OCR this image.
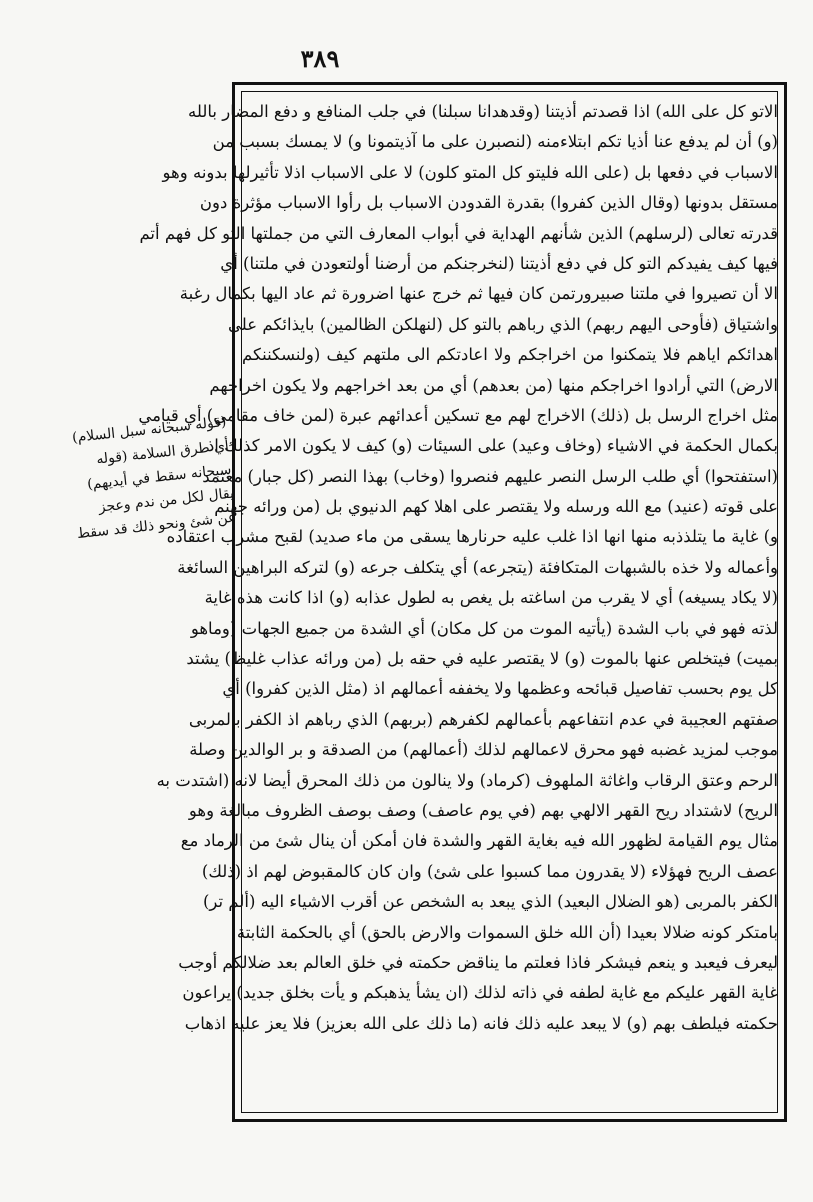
٣٨٩
الاتو كل على الله) اذا قصدتم أذيتنا (وقدهدانا سبلنا) في جلب المنافع و دفع المضار بالله
(و) أن لم يدفع عنا أذيا تكم ابتلاءمنه (لنصبرن على ما آذيتمونا و) لا يمسك بسبب من
الاسباب في دفعها بل (على الله فليتو كل المتو كلون) لا على الاسباب اذلا تأثيرلها بدونه وهو
مستقل بدونها (وقال الذين كفروا) بقدرة القدودن الاسباب بل رأوا الاسباب مؤثرة دون
قدرته تعالى (لرسلهم) الذين شأنهم الهداية في أبواب المعارف التي من جملتها التو كل فهم أتم
فيها كيف يفيدكم التو كل في دفع أذيتنا (لنخرجنكم من أرضنا أولتعودن في ملتنا) أي
الا أن تصيروا في ملتنا صبيرورتمن كان فيها ثم خرج عنها اضرورة ثم عاد اليها بكمال رغبة
واشتياق (فأوحى اليهم ربهم) الذي رباهم بالتو كل (لنهلكن الظالمين) بايذائكم على
اهدائكم اياهم فلا يتمكنوا من اخراجكم ولا اعادتكم الى ملتهم كيف (ولنسكننكم
الارض) التي أرادوا اخراجكم منها (من بعدهم) أي من بعد اخراجهم ولا يكون اخراجهم
مثل اخراج الرسل بل (ذلك) الاخراج لهم مع تسكين أعدائهم عبرة (لمن خاف مقامي) أي قيامي
بكمال الحكمة في الاشياء (وخاف وعيد) على السيئات (و) كيف لا يكون الامر كذلك اذ
(استفتحوا) أي طلب الرسل النصر عليهم فنصروا (وخاب) بهذا النصر (كل جبار) معتمد
على قوته (عنيد) مع الله ورسله ولا يقتصر على اهلا كهم الدنيوي بل (من ورائه جهنم
و) غاية ما يتلذذبه منها انها اذا غلب عليه حرنارها يسقى من ماء صديد) لقبح مشرب اعتقاده
وأعماله ولا خذه بالشبهات المتكافئة (يتجرعه) أي يتكلف جرعه (و) لتركه البراهين السائغة
(لا يكاد يسيغه) أي لا يقرب من اساغته بل يغص به لطول عذابه (و) اذا كانت هذه غاية
لذته فهو في باب الشدة (يأتيه الموت من كل مكان) أي الشدة من جميع الجهات (وماهو
بميت) فيتخلص عنها بالموت (و) لا يقتصر عليه في حقه بل (من ورائه عذاب غليظ) يشتد
كل يوم بحسب تفاصيل قبائحه وعظمها ولا يخففه أعمالهم اذ (مثل الذين كفروا) أي
صفتهم العجيبة في عدم انتفاعهم بأعمالهم لكفرهم (بربهم) الذي رباهم اذ الكفر بالمربى
موجب لمزيد غضبه فهو محرق لاعمالهم لذلك (أعمالهم) من الصدقة و بر الوالدين وصلة
الرحم وعتق الرقاب واغاثة الملهوف (كرماد) ولا ينالون من ذلك المحرق أيضا لانه (اشتدت به
الريح) لاشتداد ريح القهر الالهي بهم (في يوم عاصف) وصف بوصف الظروف مبالغة وهو
مثال يوم القيامة لظهور الله فيه بغاية القهر والشدة فان أمكن أن ينال شئ من الرماد مع
عصف الريح فهؤلاء (لا يقدرون مما كسبوا على شئ) وان كان كالمقبوض لهم اذ (ذلك)
الكفر بالمربى (هو الضلال البعيد) الذي يبعد به الشخص عن أقرب الاشياء اليه (ألم تر)
بامتكر كونه ضلالا بعيدا (أن الله خلق السموات والارض بالحق) أي بالحكمة الثابتة
ليعرف فيعبد و ينعم فيشكر فاذا فعلتم ما يناقض حكمته في خلق العالم بعد ضلالكم أوجب
غاية القهر عليكم مع غاية لطفه في ذاته لذلك (ان يشأ يذهبكم و يأت بخلق جديد) يراعون
حكمته فيلطف بهم (و) لا يبعد عليه ذلك فانه (ما ذلك على الله بعزيز) فلا يعز عليه اذهاب
(قوله سبحانه سبل السلام)
أي طرق السلامة (قوله
سبحانه سقط في أيديهم)
يقال لكل من ندم وعجز
عن شئ ونحو ذلك قد سقط
